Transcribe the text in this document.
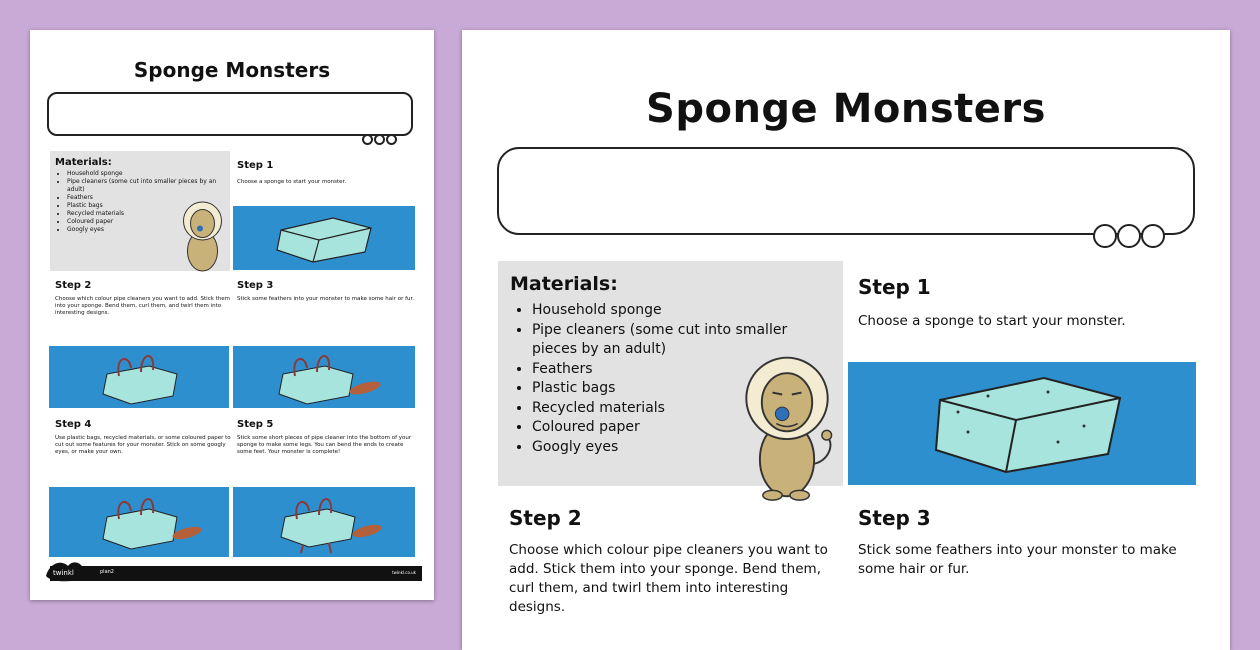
Sponge Monsters
Materials:
• Household sponge
• Pipe cleaners (some cut into smaller pieces by an adult)
• Feathers
• Plastic bags
• Recycled materials
• Coloured paper
• Googly eyes
Step 1
Choose a sponge to start your monster.
Step 2
Choose which colour pipe cleaners you want to add. Stick them into your sponge. Bend them, curl them, and twirl them into interesting designs.
Step 3
Stick some feathers into your monster to make some hair or fur.
Step 4
Use plastic bags, recycled materials, or some coloured paper to cut out some features for your monster. Stick on some googly eyes, or make your own.
Step 5
Stick some short pieces of pipe cleaner into the bottom of your sponge to make some legs. You can bend the ends to create some feet. Your monster is complete!
plan2	twinkl.co.uk
twinkl
Sponge Monsters
Materials:
• Household sponge
• Pipe cleaners (some cut into smaller pieces by an adult)
• Feathers
• Plastic bags
• Recycled materials
• Coloured paper
• Googly eyes
Step 1
Choose a sponge to start your monster.
Step 2
Choose which colour pipe cleaners you want to add. Stick them into your sponge. Bend them, curl them, and twirl them into interesting designs.
Step 3
Stick some feathers into your monster to make some hair or fur.
